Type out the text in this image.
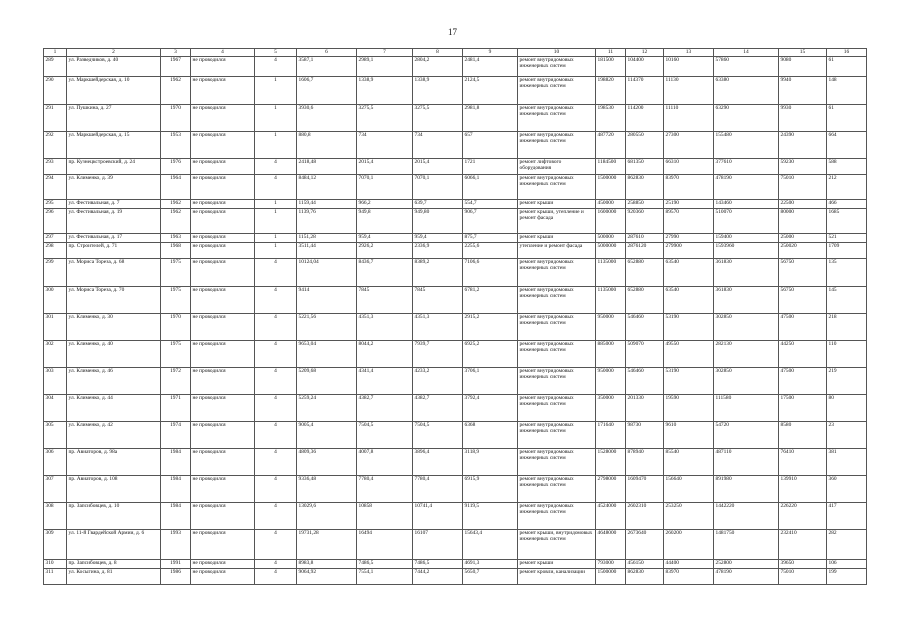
17
1	2	3	4	5	6	7	8	9	10	11	12	13	14	15	16
289	ул. Разведчиков, д. 40	1967	не проводился	4	3587,1	2989,1	2804,2	2481,4	ремонт внутридомовых инженерных систем	181500	104400	10160	57860	9080	61
290	ул. Маркшейдерская, д. 10	1962	не проводился	1	1606,7	1338,9	1338,9	2124,5	ремонт внутридомовых инженерных систем	198820	114370	11130	63380	9940	148
291	ул. Пушкина, д. 27	1970	не проводился	1	3930,6	3275,5	3275,5	2981,8	ремонт внутридомовых инженерных систем	198530	114200	11110	63290	9930	61
292	ул. Маркшейдерская, д. 15	1953	не проводился	1	880,8	734	734	657	ремонт внутридомовых инженерных систем	487720	280550	27300	155480	24390	664
293	пр. Кузнецкстроевский, д. 24	1976	не проводился	4	2418,48	2015,4	2015,4	1721	ремонт лифтового оборудования	1184500	681350	66310	377610	59230	588
294	ул. Клименко, д. 39	1964	не проводился	4	8484,12	7070,1	7070,1	6066,1	ремонт внутридомовых инженерных систем	1500000	862830	83970	478190	75010	212
295	ул. Фестивальная, д. 7	1962	не проводился	1	1159,44	966,2	639,7	554,7	ремонт крыши	450000	258850	25190	143460	22500	466
296	ул. Фестивальная, д. 19	1962	не проводился	1	1139,76	949,8	949,80	906,7	ремонт крыши, утепление и ремонт фасада	1600000	920360	89570	510070	80000	1685
297	ул. Фестивальная, д. 17	1963	не проводился	1	1151,28	959,4	959,4	875,7	ремонт крыши	500000	287610	27990	159400	25000	521
298	пр. Строителей, д. 71	1968	не проводился	1	3511,44	2926,2	2336,9	2255,6	утепление и ремонт фасада	5000000	2876120	279900	1593960	250020	1709
299	ул. Мориса Тореза, д. 68	1975	не проводился	4	10124,04	8436,7	8389,2	7106,6	ремонт внутридомовых инженерных систем	1135000	652880	63540	361830	56750	135
300	ул. Мориса Тореза, д. 70	1975	не проводился	4	9414	7845	7845	6781,2	ремонт внутридомовых инженерных систем	1135000	652880	63540	361830	56750	145
301	ул. Клименко, д. 30	1970	не проводился	4	5221,56	4351,3	4351,3	2915,2	ремонт внутридомовых инженерных систем	950000	546460	53190	302850	47500	218
302	ул. Клименко, д. 40	1975	не проводился	4	9653,04	8044,2	7939,7	6925,2	ремонт внутридомовых инженерных систем	885000	509070	49550	282130	44250	110
303	ул. Клименко, д. 46	1972	не проводился	4	5209,68	4341,4	4233,2	3706,1	ремонт внутридомовых инженерных систем	950000	546460	53190	302850	47500	219
304	ул. Клименко, д. 44	1971	не проводился	4	5259,24	4382,7	4382,7	3792,4	ремонт внутридомовых инженерных систем	350000	201330	19590	111580	17500	80
305	ул. Клименко, д. 42	1974	не проводился	4	9005,4	7504,5	7504,5	6368	ремонт внутридомовых инженерных систем	171640	98730	9610	54720	8580	23
306	пр. Авиаторов, д. 98а	1984	не проводился	4	4809,36	4007,8	3896,4	3118,9	ремонт внутридомовых инженерных систем	1528000	878940	85540	487110	76410	381
307	пр. Авиаторов, д. 108	1984	не проводился	4	9336,48	7780,4	7780,4	6915,9	ремонт внутридомовых инженерных систем	2798000	1609470	156640	891980	139910	360
308	пр. Запсибовцев, д. 10	1984	не проводился	4	13029,6	10858	10741,4	9119,5	ремонт внутридомовых инженерных систем	4524000	2602310	253250	1442220	226220	417
309	ул. 11-й Гвардейской Армии, д. 6	1993	не проводился	4	19731,28	16494	16107	15643,4	ремонт крыши, внутридомовых инженерных систем	4648000	2673640	260200	1481750	232410	282
310	пр. Запсибовцев, д. 8	1991	не проводился	4	8983,8	7486,5	7486,5	4691,3	ремонт крыши	793000	456150	44400	252800	39650	106
311	ул. Косыгина, д. 81	1986	не проводился	4	9064,92	7554,1	7444,2	5650,7	ремонт кровли, канализации	1500000	862830	83970	478190	75010	199
